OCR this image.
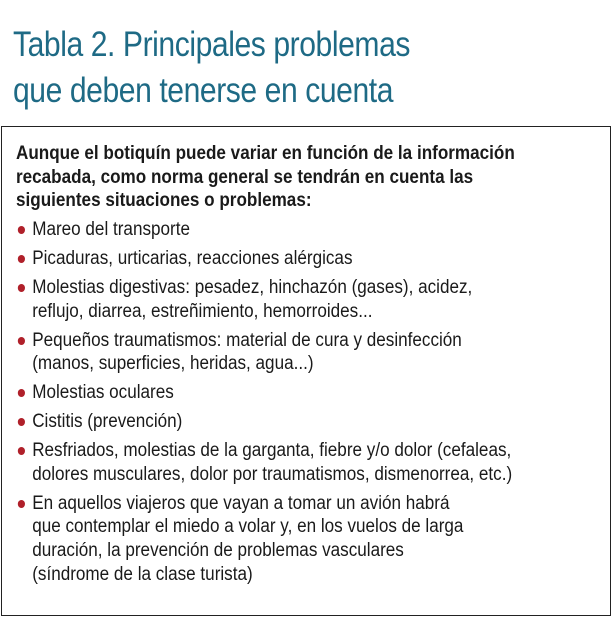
Tabla 2. Principales problemas
que deben tenerse en cuenta

Aunque el botiquín puede variar en función de la información
recabada, como norma general se tendrán en cuenta las
siguientes situaciones o problemas:

Mareo del transporte
Picaduras, urticarias, reacciones alérgicas
Molestias digestivas: pesadez, hinchazón (gases), acidez,
reflujo, diarrea, estreñimiento, hemorroides...
Pequeños traumatismos: material de cura y desinfección
(manos, superficies, heridas, agua...)
Molestias oculares
Cistitis (prevención)
Resfriados, molestias de la garganta, fiebre y/o dolor (cefaleas,
dolores musculares, dolor por traumatismos, dismenorrea, etc.)
En aquellos viajeros que vayan a tomar un avión habrá
que contemplar el miedo a volar y, en los vuelos de larga
duración, la prevención de problemas vasculares
(síndrome de la clase turista)
